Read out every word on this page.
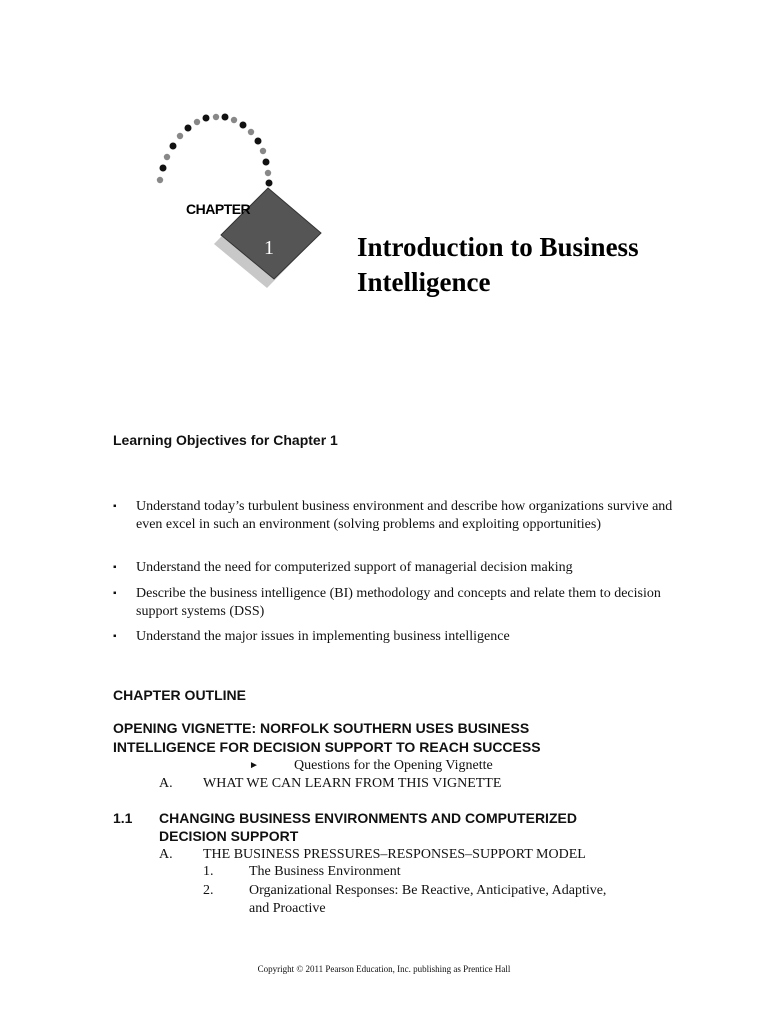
CHAPTER
1	Introduction to Business
Intelligence
Learning Objectives for Chapter 1
▪ Understand today’s turbulent business environment and describe how organizations survive and even excel in such an environment (solving problems and exploiting opportunities)
▪ Understand the need for computerized support of managerial decision making
▪ Describe the business intelligence (BI) methodology and concepts and relate them to decision support systems (DSS)
▪ Understand the major issues in implementing business intelligence
CHAPTER OUTLINE
OPENING VIGNETTE: NORFOLK SOUTHERN USES BUSINESS
INTELLIGENCE FOR DECISION SUPPORT TO REACH SUCCESS
►	Questions for the Opening Vignette
A. WHAT WE CAN LEARN FROM THIS VIGNETTE
1.1 CHANGING BUSINESS ENVIRONMENTS AND COMPUTERIZED
DECISION SUPPORT
A. THE BUSINESS PRESSURES–RESPONSES–SUPPORT MODEL
1.	The Business Environment
2.	Organizational Responses: Be Reactive, Anticipative, Adaptive,
and Proactive
Copyright © 2011 Pearson Education, Inc. publishing as Prentice Hall
